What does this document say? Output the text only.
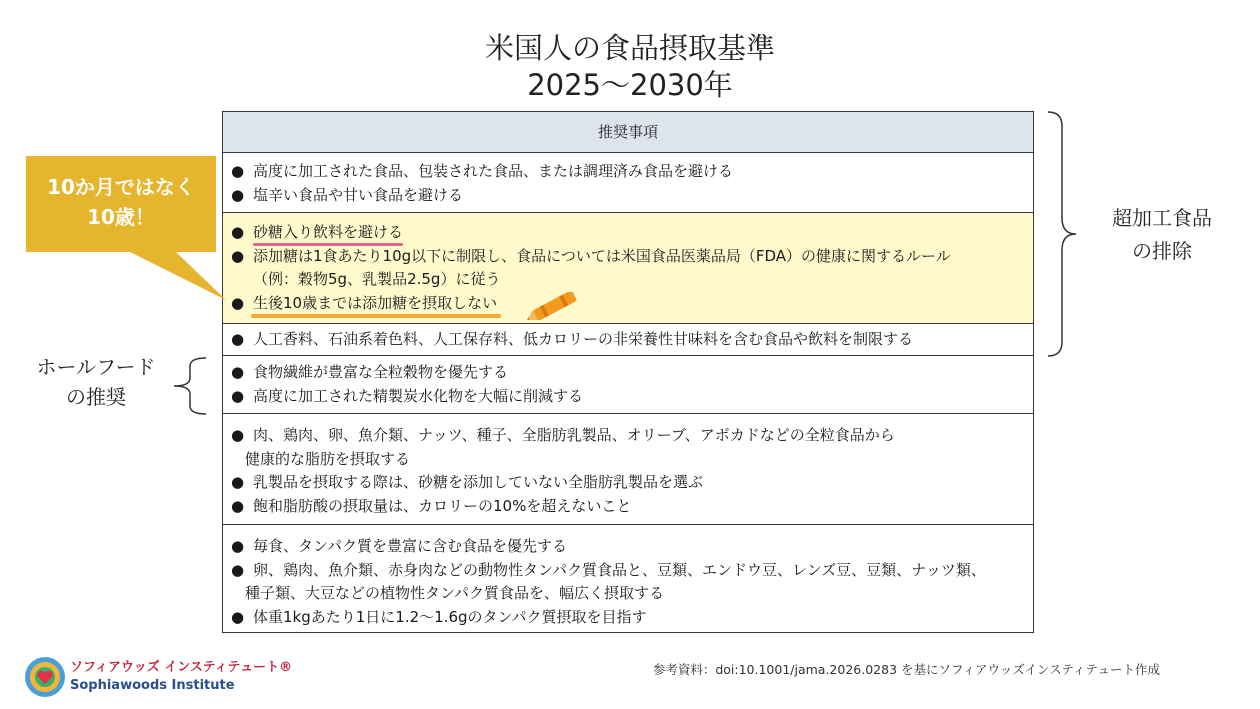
米国人の食品摂取基準
2025〜2030年
推奨事項
● 高度に加工された食品、包装された食品、または調理済み食品を避ける
● 塩辛い食品や甘い食品を避ける
● 砂糖入り飲料を避ける
● 添加糖は1食あたり10g以下に制限し、食品については米国食品医薬品局（FDA）の健康に関するルール
（例：穀物5g、乳製品2.5g）に従う
● 生後10歳までは添加糖を摂取しない
● 人工香料、石油系着色料、人工保存料、低カロリーの非栄養性甘味料を含む食品や飲料を制限する
● 食物繊維が豊富な全粒穀物を優先する
● 高度に加工された精製炭水化物を大幅に削減する
● 肉、鶏肉、卵、魚介類、ナッツ、種子、全脂肪乳製品、オリーブ、アボカドなどの全粒食品から
健康的な脂肪を摂取する
● 乳製品を摂取する際は、砂糖を添加していない全脂肪乳製品を選ぶ
● 飽和脂肪酸の摂取量は、カロリーの10%を超えないこと
● 毎食、タンパク質を豊富に含む食品を優先する
● 卵、鶏肉、魚介類、赤身肉などの動物性タンパク質食品と、豆類、エンドウ豆、レンズ豆、豆類、ナッツ類、
種子類、大豆などの植物性タンパク質食品を、幅広く摂取する
● 体重1kgあたり1日に1.2〜1.6gのタンパク質摂取を目指す
超加工食品
の排除
ホールフード
の推奨
10か月ではなく
10歳！
ソフィアウッズ インスティテュート®
Sophiawoods Institute
参考資料：doi:10.1001/jama.2026.0283 を基にソフィアウッズインスティテュート作成
